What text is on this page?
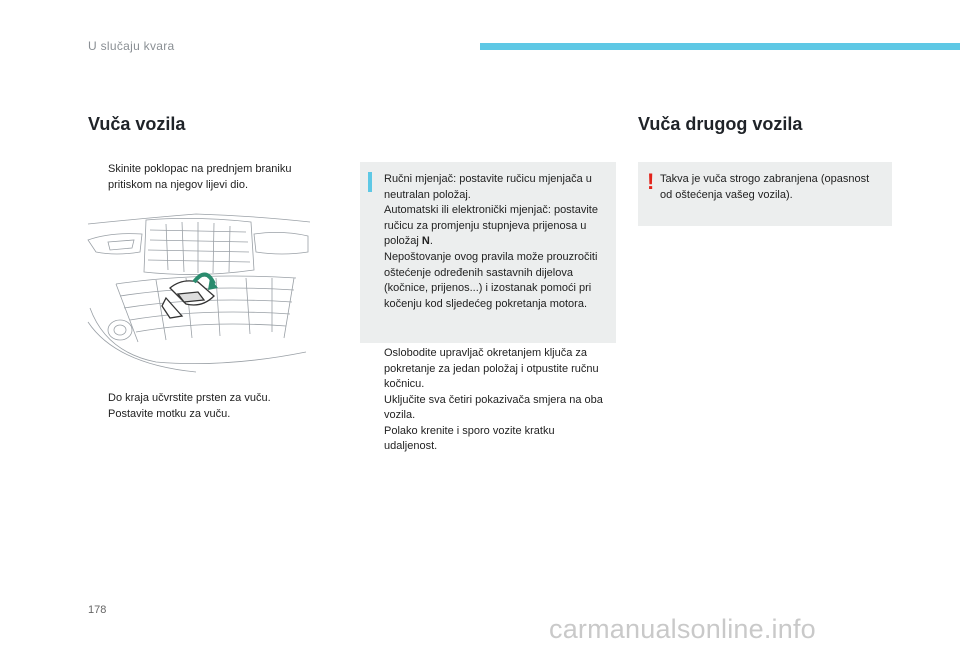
U slučaju kvara
Vuča vozila
Skinite poklopac na prednjem braniku pritiskom na njegov lijevi dio.
Do kraja učvrstite prsten za vuču.
Postavite motku za vuču.
Ručni mjenjač: postavite ručicu mjenjača u neutralan položaj.
Automatski ili elektronički mjenjač: postavite ručicu za promjenju stupnjeva prijenosa u položaj N.
Nepoštovanje ovog pravila može prouzročiti oštećenje određenih sastavnih dijelova (kočnice, prijenos...) i izostanak pomoći pri kočenju kod sljedećeg pokretanja motora.
Oslobodite upravljač okretanjem ključa za pokretanje za jedan položaj i otpustite ručnu kočnicu.
Uključite sva četiri pokazivača smjera na oba vozila.
Polako krenite i sporo vozite kratku udaljenost.
Vuča drugog vozila
! Takva je vuča strogo zabranjena (opasnost od oštećenja vašeg vozila).
178
carmanualsonline.info
